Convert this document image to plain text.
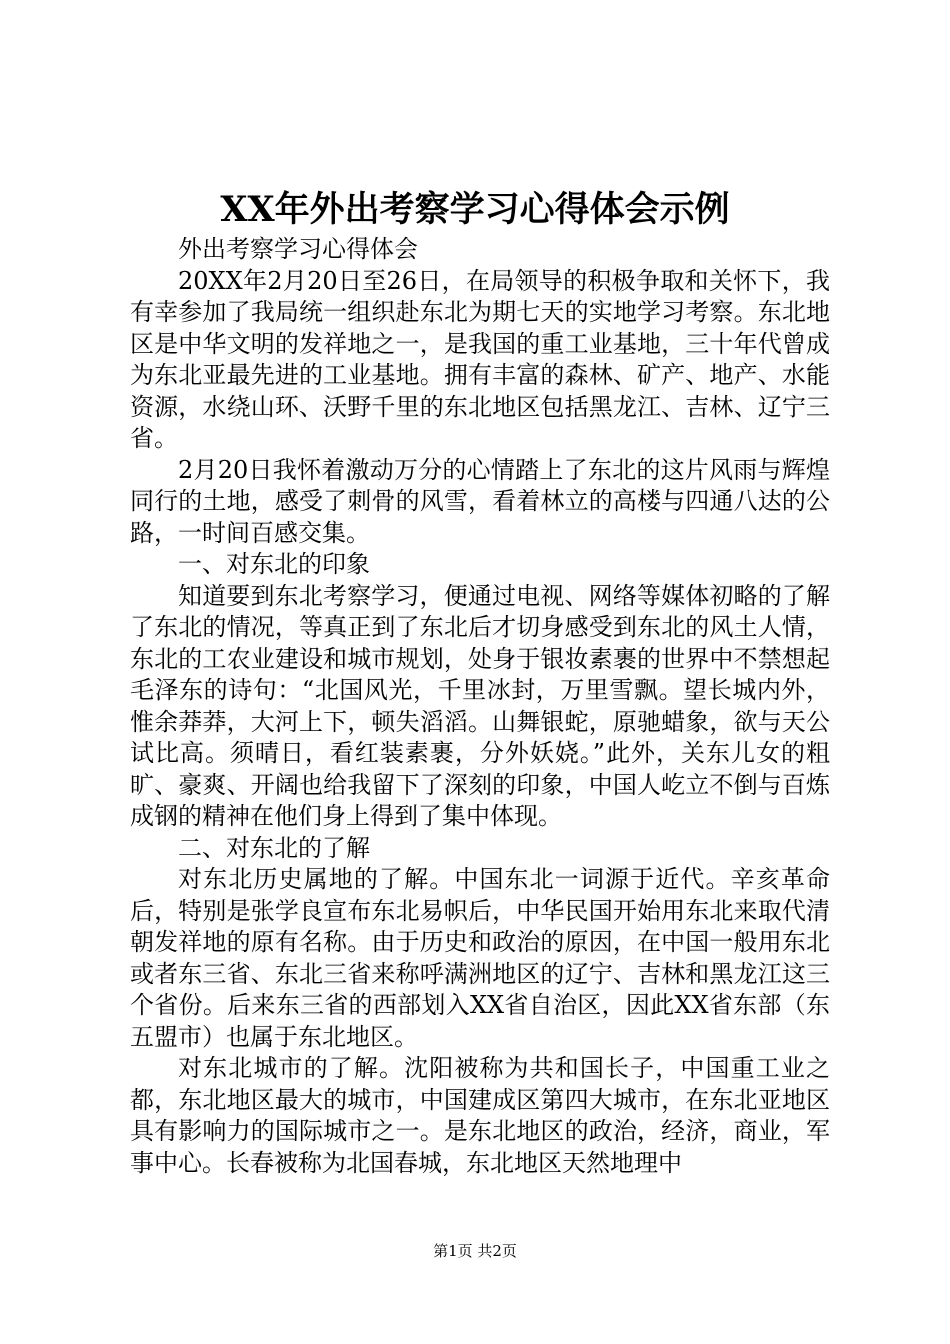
XX年外出考察学习心得体会示例

外出考察学习心得体会

20XX年2月20日至26日，在局领导的积极争取和关怀下，我有幸参加了我局统一组织赴东北为期七天的实地学习考察。东北地区是中华文明的发祥地之一，是我国的重工业基地，三十年代曾成为东北亚最先进的工业基地。拥有丰富的森林、矿产、地产、水能资源，水绕山环、沃野千里的东北地区包括黑龙江、吉林、辽宁三省。

2月20日我怀着激动万分的心情踏上了东北的这片风雨与辉煌同行的土地，感受了刺骨的风雪，看着林立的高楼与四通八达的公路，一时间百感交集。

一、对东北的印象

知道要到东北考察学习，便通过电视、网络等媒体初略的了解了东北的情况，等真正到了东北后才切身感受到东北的风土人情，东北的工农业建设和城市规划，处身于银妆素裹的世界中不禁想起毛泽东的诗句：“北国风光，千里冰封，万里雪飘。望长城内外，惟余莽莽，大河上下，顿失滔滔。山舞银蛇，原驰蜡象，欲与天公试比高。须晴日，看红装素裹，分外妖娆。”此外，关东儿女的粗旷、豪爽、开阔也给我留下了深刻的印象，中国人屹立不倒与百炼成钢的精神在他们身上得到了集中体现。

二、对东北的了解

对东北历史属地的了解。中国东北一词源于近代。辛亥革命后，特别是张学良宣布东北易帜后，中华民国开始用东北来取代清朝发祥地的原有名称。由于历史和政治的原因，在中国一般用东北或者东三省、东北三省来称呼满洲地区的辽宁、吉林和黑龙江这三个省份。后来东三省的西部划入XX省自治区，因此XX省东部（东五盟市）也属于东北地区。

对东北城市的了解。沈阳被称为共和国长子，中国重工业之都，东北地区最大的城市，中国建成区第四大城市，在东北亚地区具有影响力的国际城市之一。是东北地区的政治，经济，商业，军事中心。长春被称为北国春城，东北地区天然地理中

第1页 共2页
